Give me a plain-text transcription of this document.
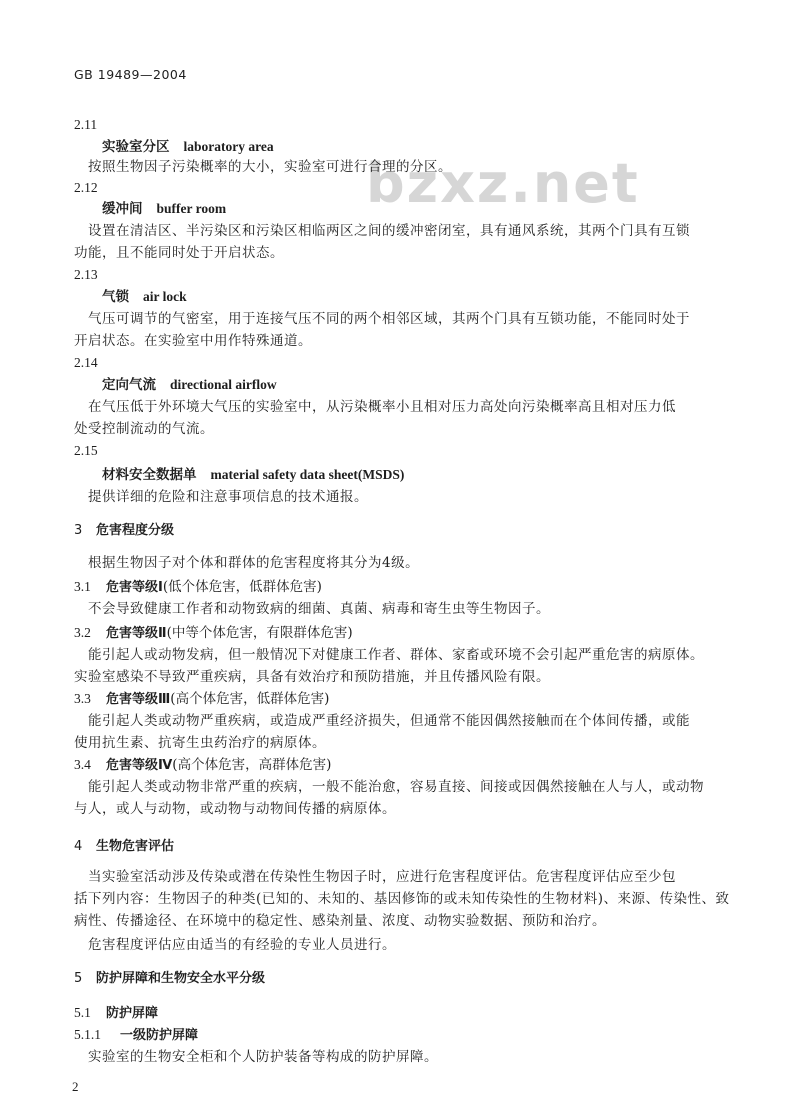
GB 19489—2004
bzxz.net
2.11
实验室分区 laboratory area
按照生物因子污染概率的大小，实验室可进行合理的分区。
2.12
缓冲间 buffer room
设置在清洁区、半污染区和污染区相临两区之间的缓冲密闭室，具有通风系统，其两个门具有互锁
功能，且不能同时处于开启状态。
2.13
气锁 air lock
气压可调节的气密室，用于连接气压不同的两个相邻区域，其两个门具有互锁功能，不能同时处于
开启状态。在实验室中用作特殊通道。
2.14
定向气流 directional airflow
在气压低于外环境大气压的实验室中，从污染概率小且相对压力高处向污染概率高且相对压力低
处受控制流动的气流。
2.15
材料安全数据单 material safety data sheet(MSDS)
提供详细的危险和注意事项信息的技术通报。
3 危害程度分级
根据生物因子对个体和群体的危害程度将其分为4级。
3.1 危害等级Ⅰ(低个体危害，低群体危害)
不会导致健康工作者和动物致病的细菌、真菌、病毒和寄生虫等生物因子。
3.2 危害等级Ⅱ(中等个体危害，有限群体危害)
能引起人或动物发病，但一般情况下对健康工作者、群体、家畜或环境不会引起严重危害的病原体。
实验室感染不导致严重疾病，具备有效治疗和预防措施，并且传播风险有限。
3.3 危害等级Ⅲ(高个体危害，低群体危害)
能引起人类或动物严重疾病，或造成严重经济损失，但通常不能因偶然接触而在个体间传播，或能
使用抗生素、抗寄生虫药治疗的病原体。
3.4 危害等级Ⅳ(高个体危害，高群体危害)
能引起人类或动物非常严重的疾病，一般不能治愈，容易直接、间接或因偶然接触在人与人，或动物
与人，或人与动物，或动物与动物间传播的病原体。
4 生物危害评估
当实验室活动涉及传染或潜在传染性生物因子时，应进行危害程度评估。危害程度评估应至少包
括下列内容：生物因子的种类(已知的、未知的、基因修饰的或未知传染性的生物材料)、来源、传染性、致
病性、传播途径、在环境中的稳定性、感染剂量、浓度、动物实验数据、预防和治疗。
危害程度评估应由适当的有经验的专业人员进行。
5 防护屏障和生物安全水平分级
5.1 防护屏障
5.1.1 一级防护屏障
实验室的生物安全柜和个人防护装备等构成的防护屏障。
2
